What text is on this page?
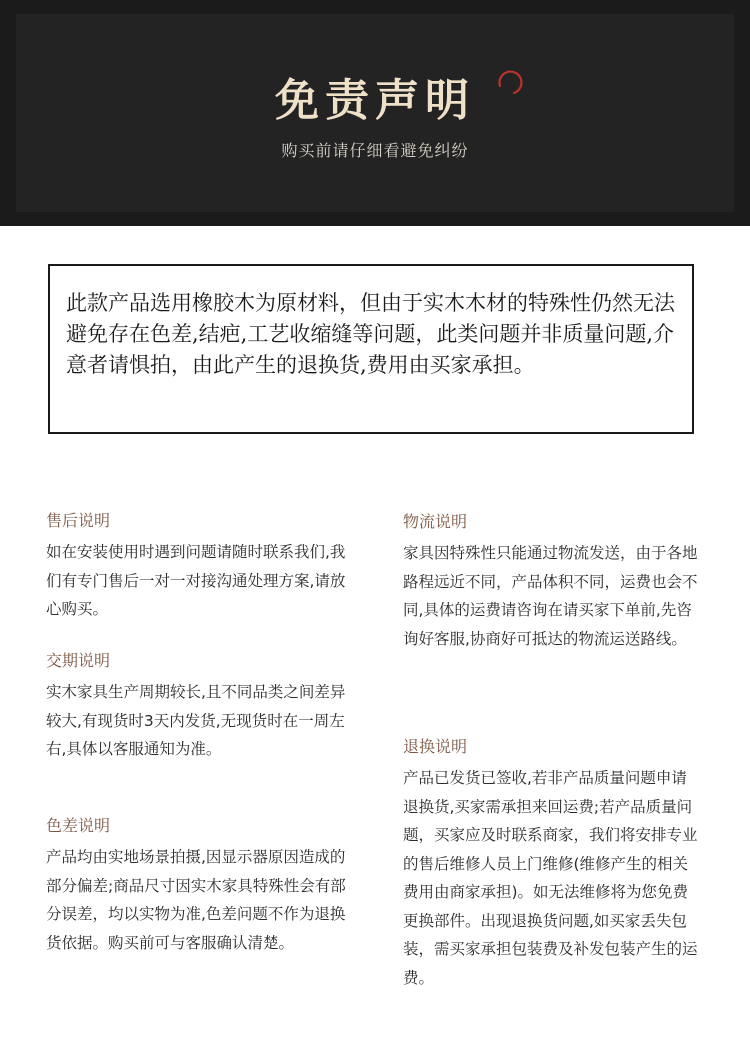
免责声明
购买前请仔细看避免纠纷

此款产品选用橡胶木为原材料，但由于实木木材的特殊性仍然无法避免存在色差,结疤,工艺收缩缝等问题，此类问题并非质量问题,介意者请惧拍，由此产生的退换货,费用由买家承担。

售后说明

如在安装使用时遇到问题请随时联系我们,我们有专门售后一对一对接沟通处理方案,请放心购买。

交期说明

实木家具生产周期较长,且不同品类之间差异较大,有现货时3天内发货,无现货时在一周左右,具体以客服通知为准。

色差说明

产品均由实地场景拍摄,因显示器原因造成的部分偏差;商品尺寸因实木家具特殊性会有部分误差，均以实物为准,色差问题不作为退换货依据。购买前可与客服确认清楚。

物流说明

家具因特殊性只能通过物流发送，由于各地路程远近不同，产品体积不同，运费也会不同,具体的运费请咨询在请买家下单前,先咨询好客服,协商好可抵达的物流运送路线。

退换说明

产品已发货已签收,若非产品质量问题申请退换货,买家需承担来回运费;若产品质量问题，买家应及时联系商家，我们将安排专业的售后维修人员上门维修(维修产生的相关费用由商家承担)。如无法维修将为您免费更换部件。出现退换货问题,如买家丢失包装，需买家承担包装费及补发包装产生的运费。
